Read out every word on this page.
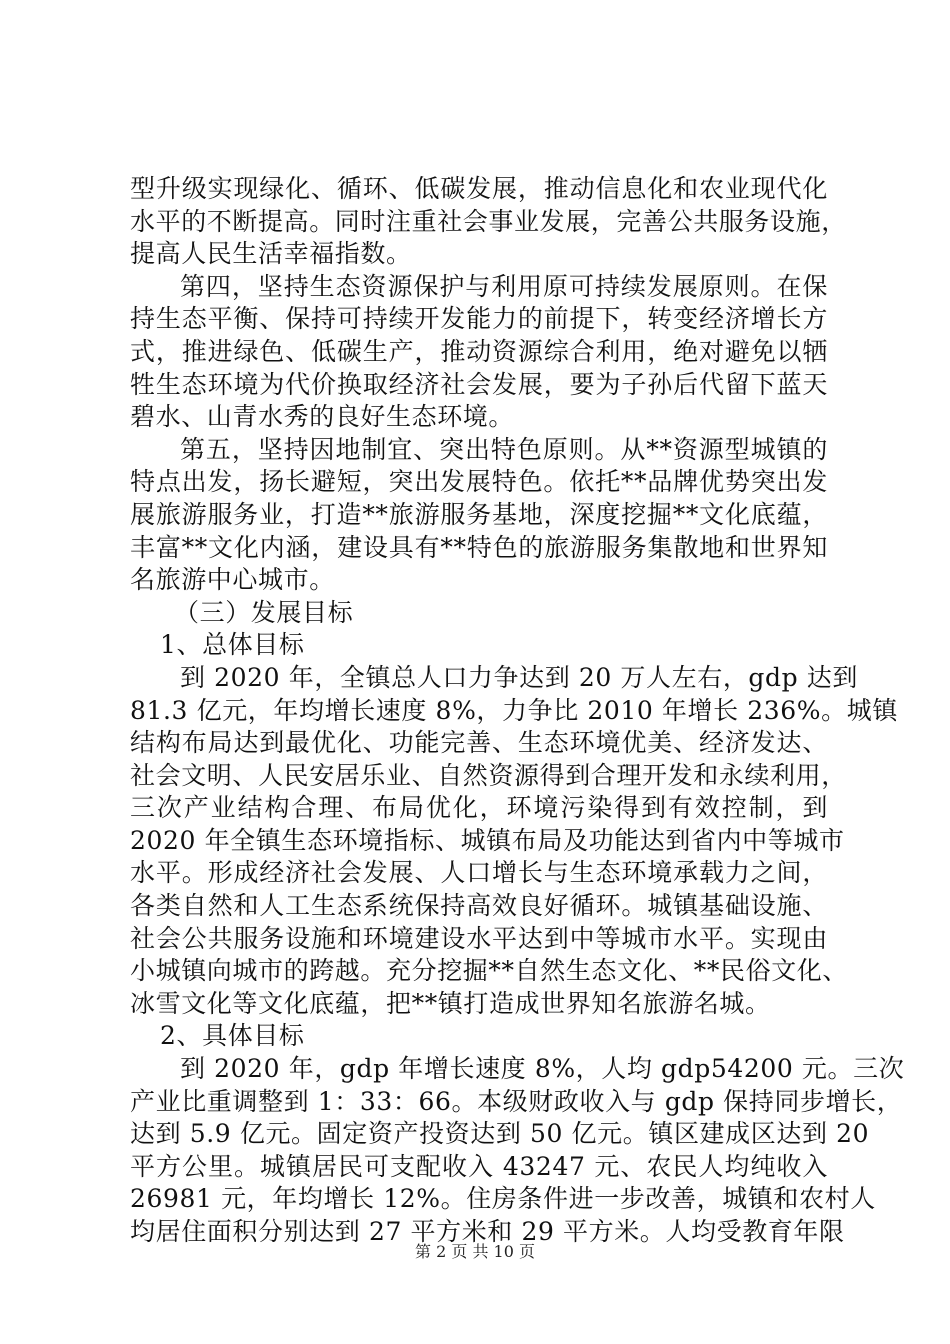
型升级实现绿化、循环、低碳发展，推动信息化和农业现代化
水平的不断提高。同时注重社会事业发展，完善公共服务设施，
提高人民生活幸福指数。
第四，坚持生态资源保护与利用原可持续发展原则。在保
持生态平衡、保持可持续开发能力的前提下，转变经济增长方
式，推进绿色、低碳生产，推动资源综合利用，绝对避免以牺
牲生态环境为代价换取经济社会发展，要为子孙后代留下蓝天
碧水、山青水秀的良好生态环境。
第五，坚持因地制宜、突出特色原则。从**资源型城镇的
特点出发，扬长避短，突出发展特色。依托**品牌优势突出发
展旅游服务业，打造**旅游服务基地，深度挖掘**文化底蕴，
丰富**文化内涵，建设具有**特色的旅游服务集散地和世界知
名旅游中心城市。
（三）发展目标
1、总体目标
到 2020 年，全镇总人口力争达到 20 万人左右，gdp 达到
81.3 亿元，年均增长速度 8%，力争比 2010 年增长 236%。城镇
结构布局达到最优化、功能完善、生态环境优美、经济发达、
社会文明、人民安居乐业、自然资源得到合理开发和永续利用，
三次产业结构合理、布局优化，环境污染得到有效控制，到
2020 年全镇生态环境指标、城镇布局及功能达到省内中等城市
水平。形成经济社会发展、人口增长与生态环境承载力之间，
各类自然和人工生态系统保持高效良好循环。城镇基础设施、
社会公共服务设施和环境建设水平达到中等城市水平。实现由
小城镇向城市的跨越。充分挖掘**自然生态文化、**民俗文化、
冰雪文化等文化底蕴，把**镇打造成世界知名旅游名城。
2、具体目标
到 2020 年，gdp 年增长速度 8%，人均 gdp54200 元。三次
产业比重调整到 1：33：66。本级财政收入与 gdp 保持同步增长，
达到 5.9 亿元。固定资产投资达到 50 亿元。镇区建成区达到 20
平方公里。城镇居民可支配收入 43247 元、农民人均纯收入
26981 元，年均增长 12%。住房条件进一步改善，城镇和农村人
均居住面积分别达到 27 平方米和 29 平方米。人均受教育年限
第 2 页 共 10 页
